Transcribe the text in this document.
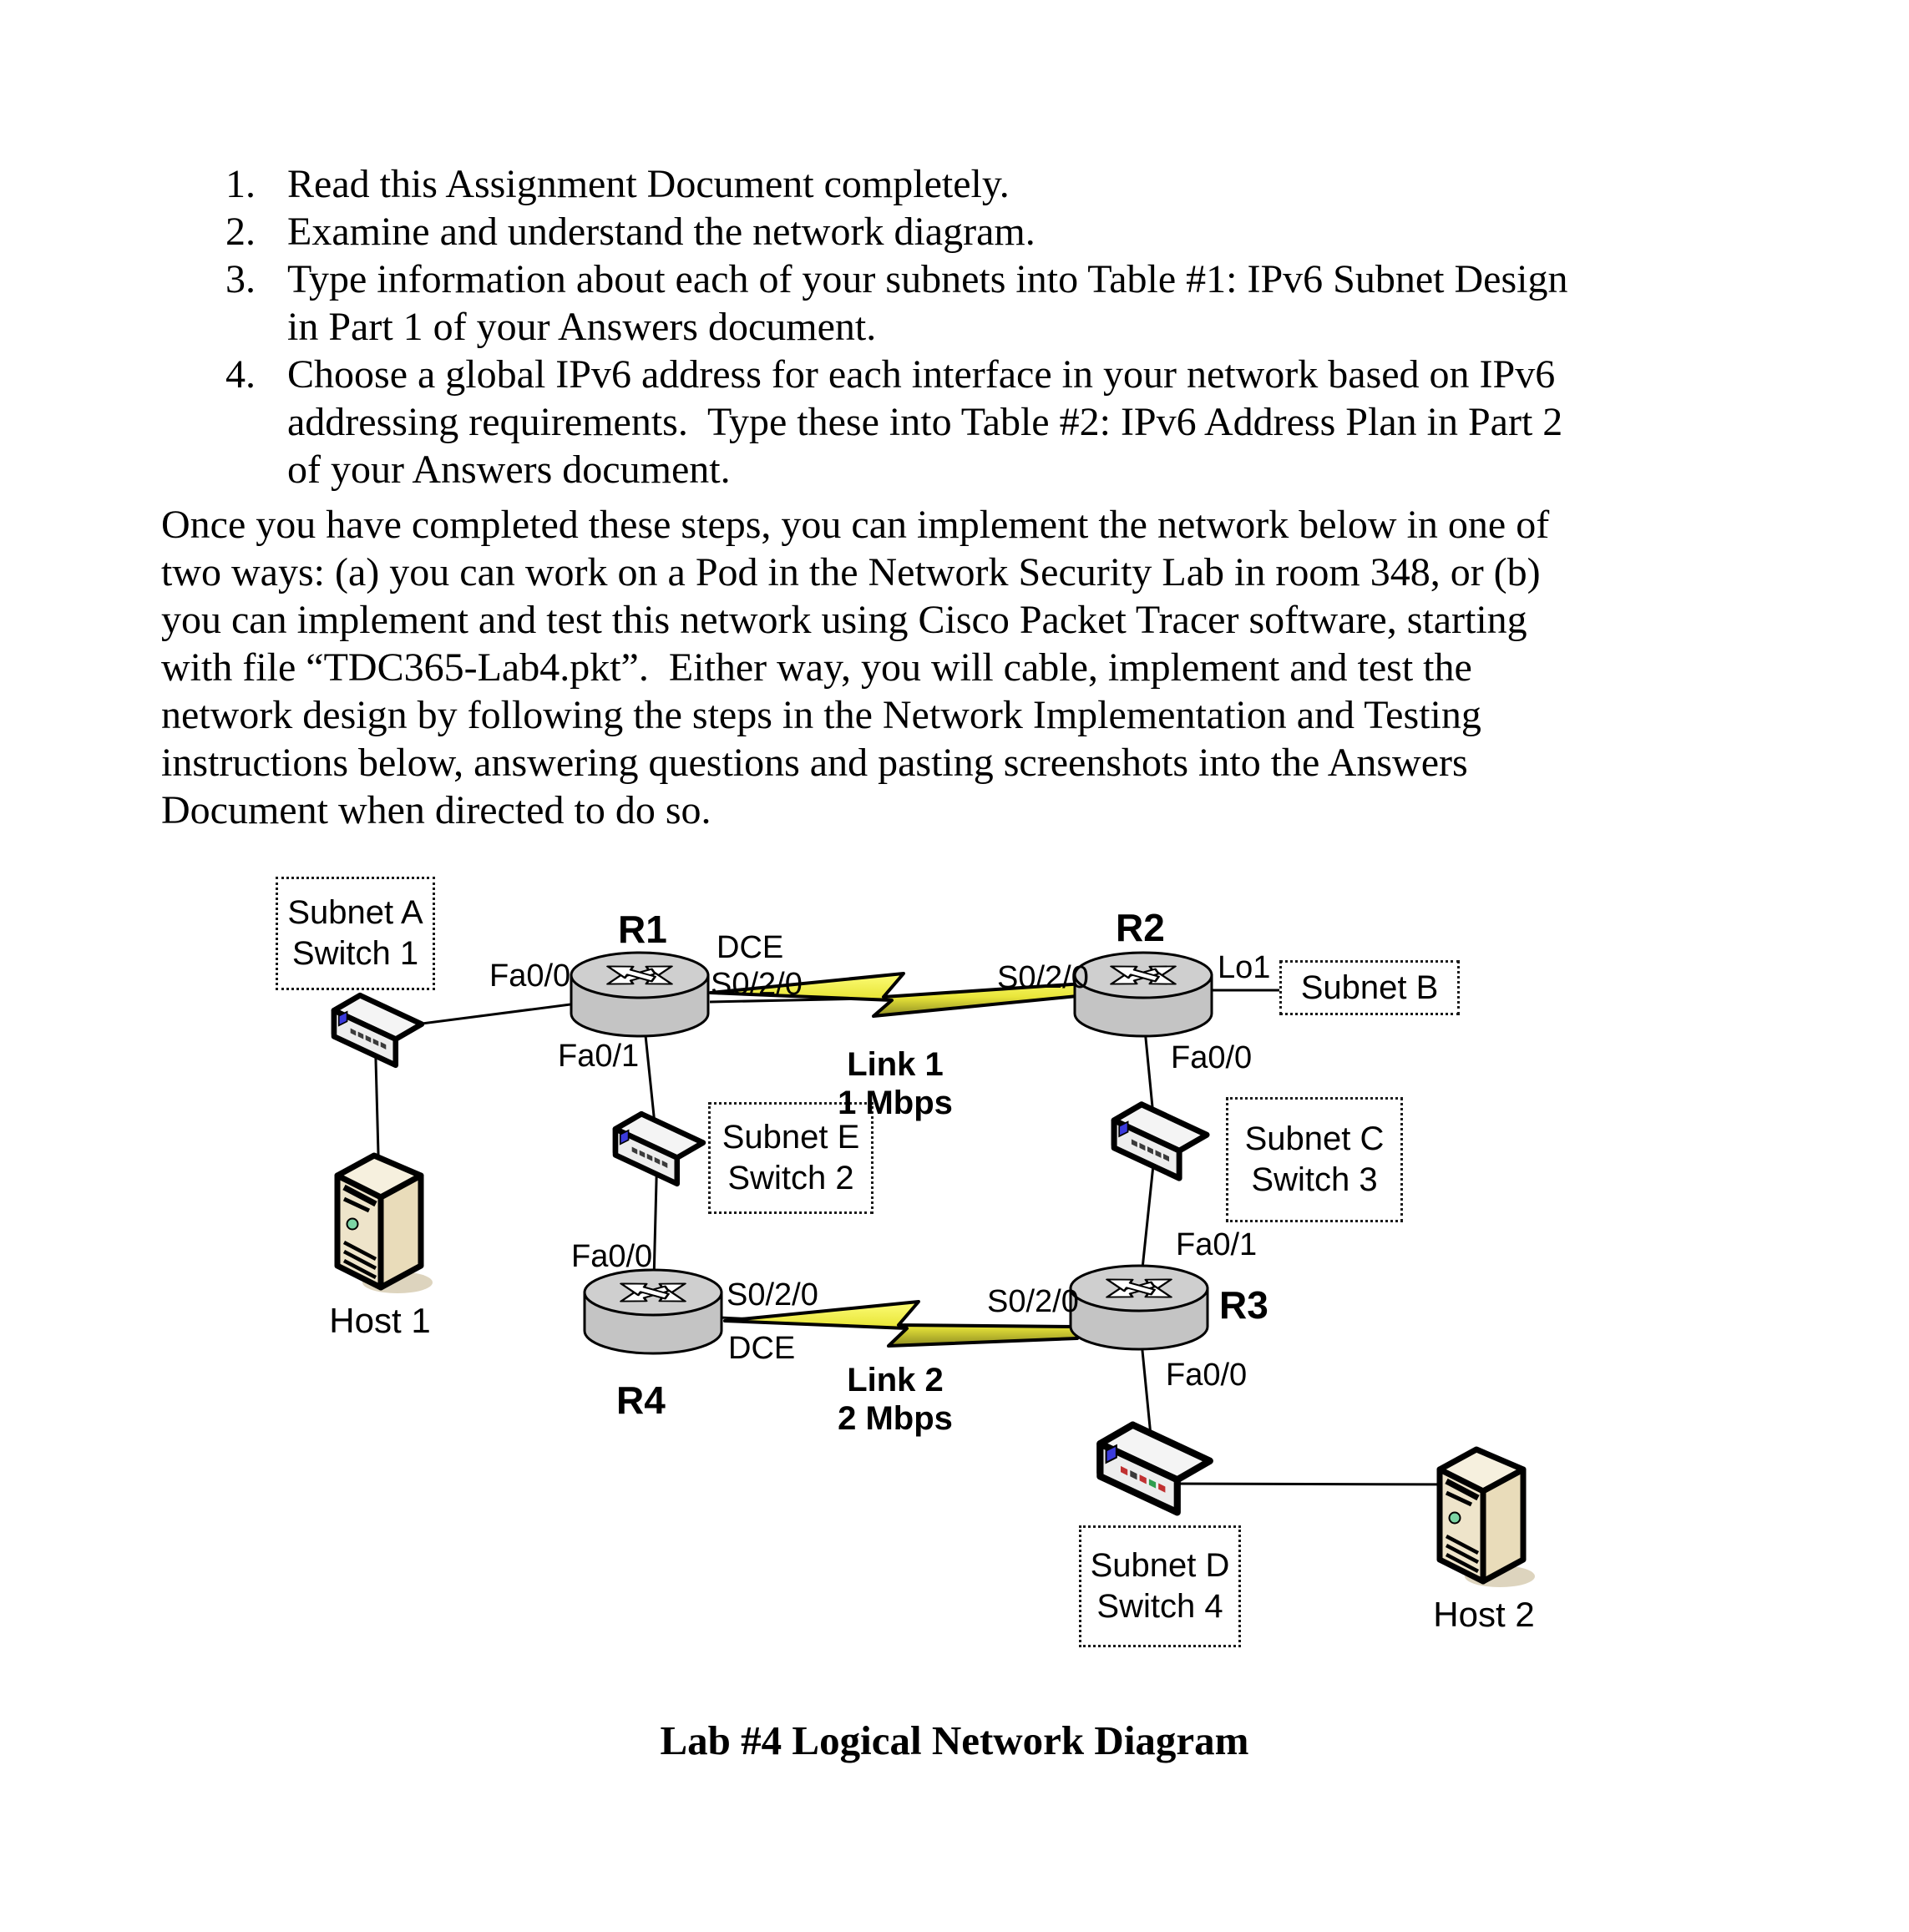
1. Read this Assignment Document completely.
2. Examine and understand the network diagram.
3. Type information about each of your subnets into Table #1: IPv6 Subnet Design
in Part 1 of your Answers document.
4. Choose a global IPv6 address for each interface in your network based on IPv6
addressing requirements.  Type these into Table #2: IPv6 Address Plan in Part 2
of your Answers document.
Once you have completed these steps, you can implement the network below in one of
two ways: (a) you can work on a Pod in the Network Security Lab in room 348, or (b)
you can implement and test this network using Cisco Packet Tracer software, starting
with file “TDC365-Lab4.pkt”.  Either way, you will cable, implement and test the
network design by following the steps in the Network Implementation and Testing
instructions below, answering questions and pasting screenshots into the Answers
Document when directed to do so.
Subnet A
Switch 1
Subnet B
Subnet C
Switch 3
Subnet E
Switch 2
Subnet D
Switch 4
R1	R2
R3
R4
Host 1
Host 2
Fa0/0
DCE
S0/2/0
Fa0/1
S0/2/0	Lo1
Fa0/0
Fa0/1
S0/2/0
Fa0/0
Fa0/0
S0/2/0
DCE
Link 1
1 Mbps
Link 2
2 Mbps
Lab #4 Logical Network Diagram
